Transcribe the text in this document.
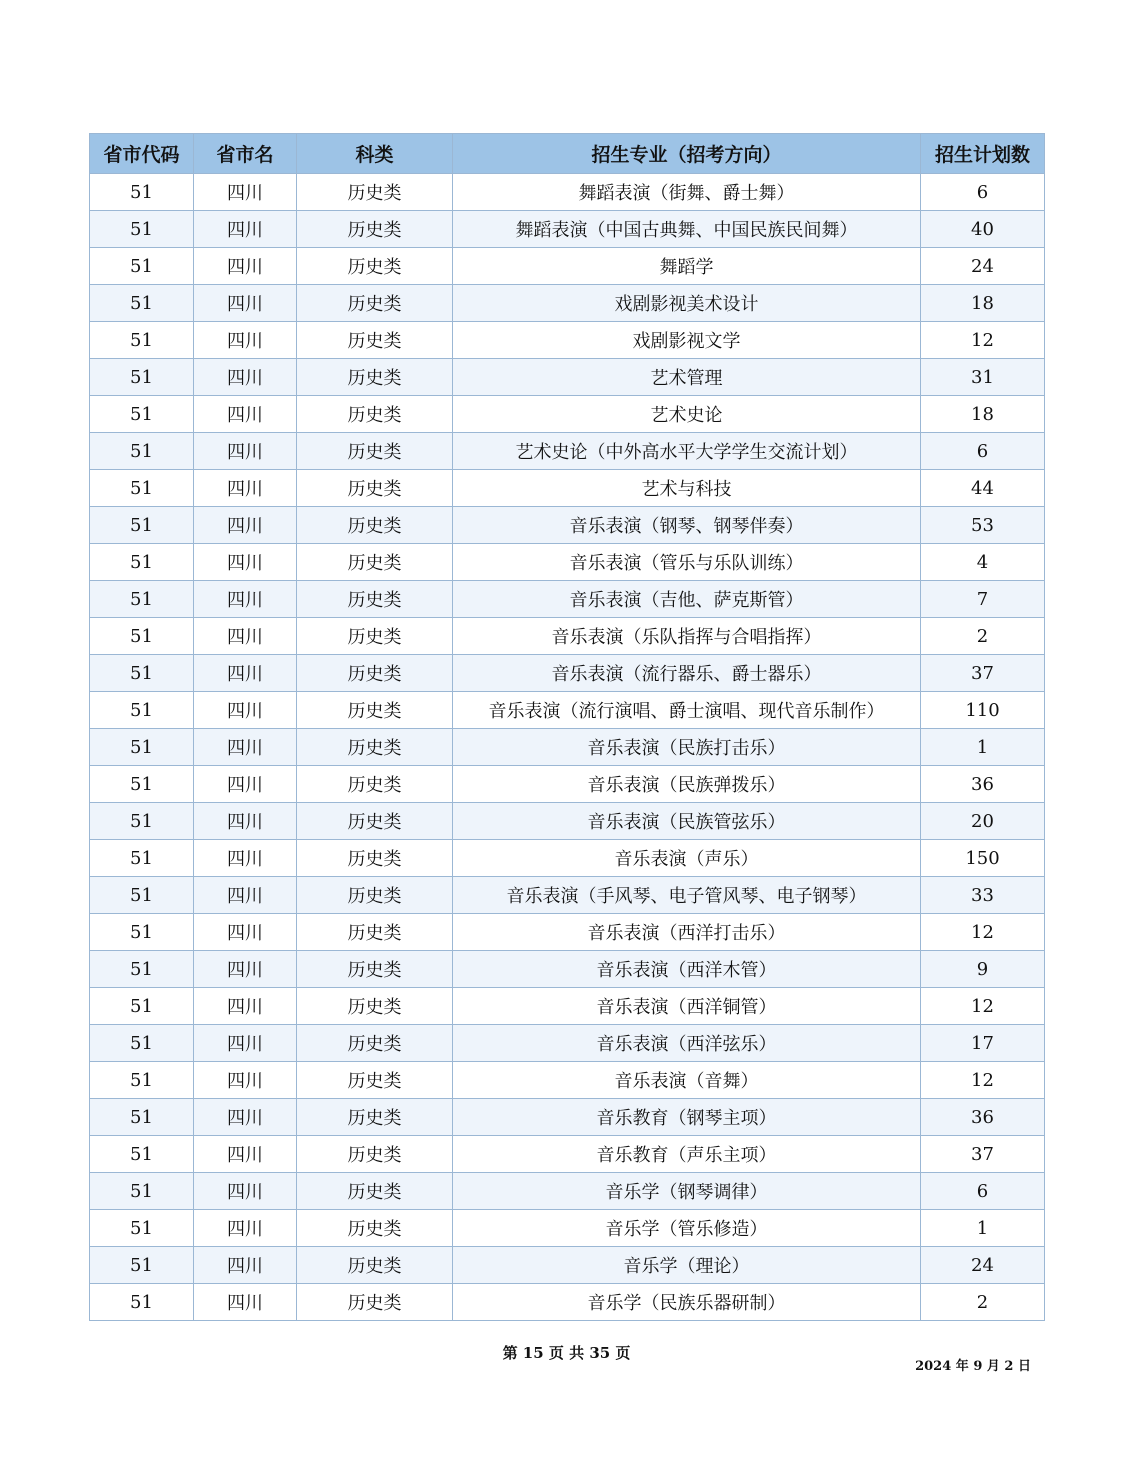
省市代码	省市名	科类	招生专业（招考方向）	招生计划数
51	四川	历史类	舞蹈表演（街舞、爵士舞）	6
51	四川	历史类	舞蹈表演（中国古典舞、中国民族民间舞）	40
51	四川	历史类	舞蹈学	24
51	四川	历史类	戏剧影视美术设计	18
51	四川	历史类	戏剧影视文学	12
51	四川	历史类	艺术管理	31
51	四川	历史类	艺术史论	18
51	四川	历史类	艺术史论（中外高水平大学学生交流计划）	6
51	四川	历史类	艺术与科技	44
51	四川	历史类	音乐表演（钢琴、钢琴伴奏）	53
51	四川	历史类	音乐表演（管乐与乐队训练）	4
51	四川	历史类	音乐表演（吉他、萨克斯管）	7
51	四川	历史类	音乐表演（乐队指挥与合唱指挥）	2
51	四川	历史类	音乐表演（流行器乐、爵士器乐）	37
51	四川	历史类	音乐表演（流行演唱、爵士演唱、现代音乐制作）	110
51	四川	历史类	音乐表演（民族打击乐）	1
51	四川	历史类	音乐表演（民族弹拨乐）	36
51	四川	历史类	音乐表演（民族管弦乐）	20
51	四川	历史类	音乐表演（声乐）	150
51	四川	历史类	音乐表演（手风琴、电子管风琴、电子钢琴）	33
51	四川	历史类	音乐表演（西洋打击乐）	12
51	四川	历史类	音乐表演（西洋木管）	9
51	四川	历史类	音乐表演（西洋铜管）	12
51	四川	历史类	音乐表演（西洋弦乐）	17
51	四川	历史类	音乐表演（音舞）	12
51	四川	历史类	音乐教育（钢琴主项）	36
51	四川	历史类	音乐教育（声乐主项）	37
51	四川	历史类	音乐学（钢琴调律）	6
51	四川	历史类	音乐学（管乐修造）	1
51	四川	历史类	音乐学（理论）	24
51	四川	历史类	音乐学（民族乐器研制）	2
第 15 页 共 35 页
2024 年 9 月 2 日
